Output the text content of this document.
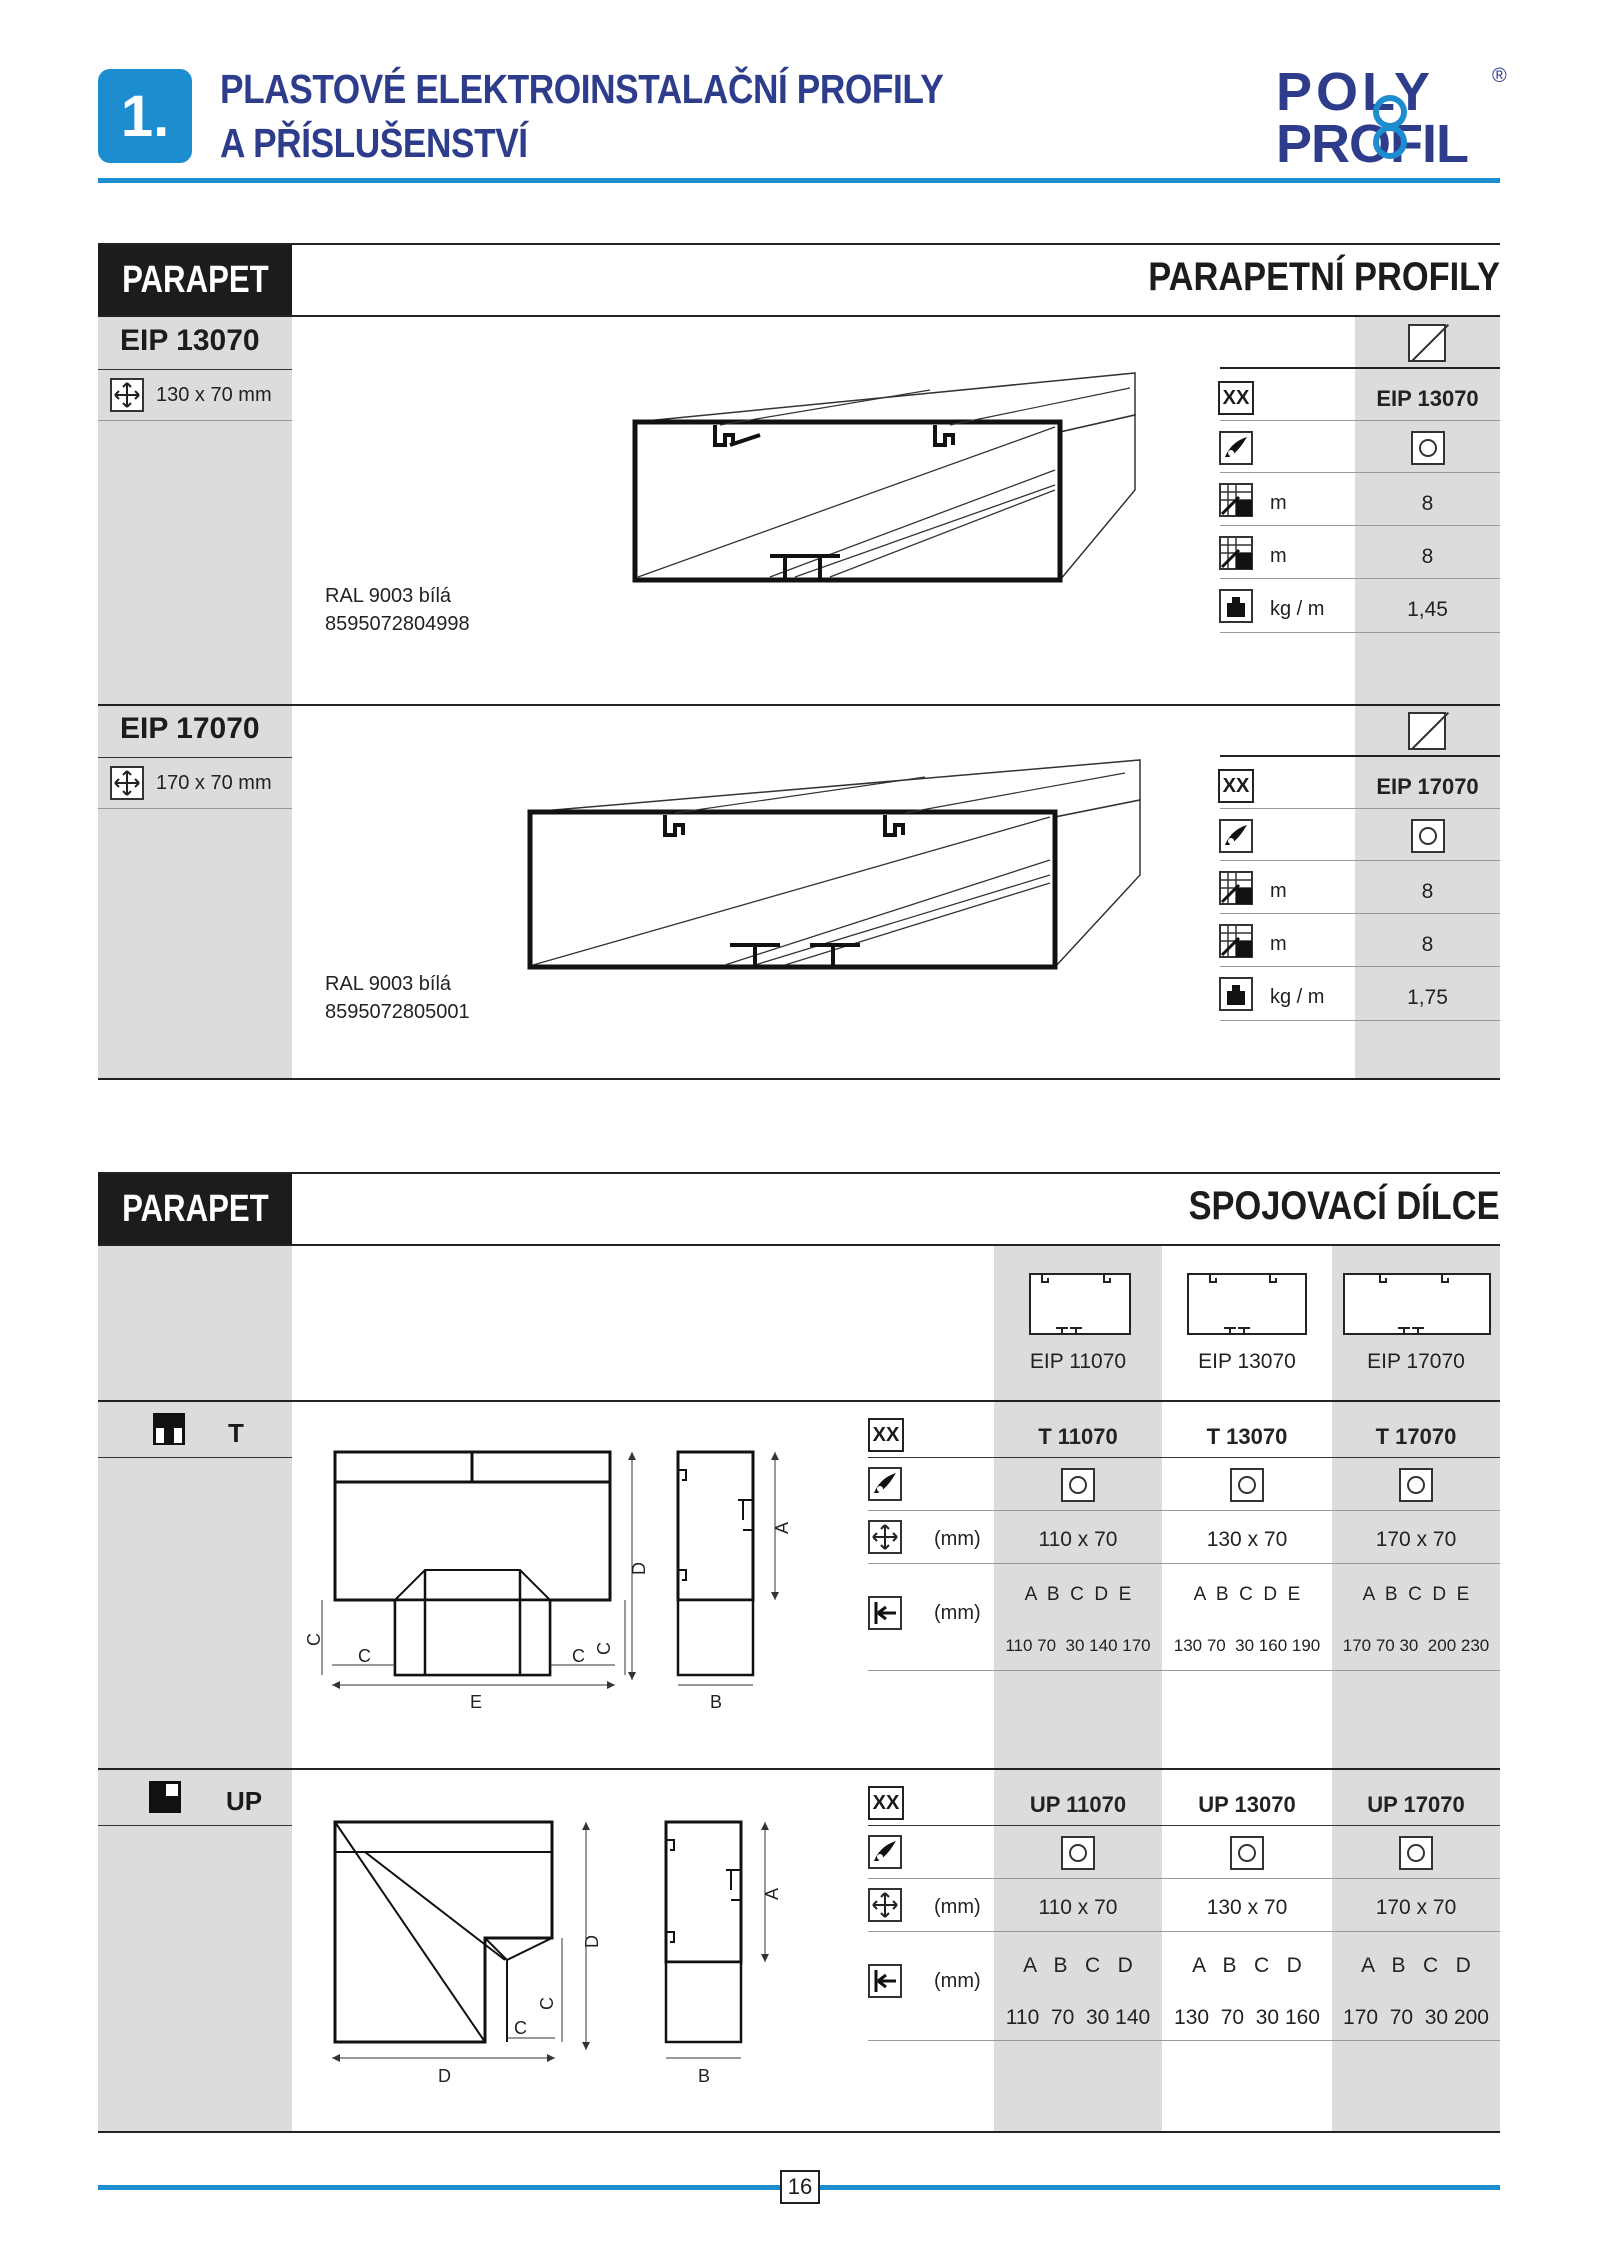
1.	PLASTOVÉ ELEKTROINSTALAČNÍ PROFILY
A PŘÍSLUŠENSTVÍ
POLY
PROFIL
®
PARAPET	PARAPETNÍ PROFILY
EIP 13070
130 x 70 mm
RAL 9003 bílá
8595072804998
XX	EIP 13070
m	8
m	8
kg / m	1,45
EIP 17070
170 x 70 mm
RAL 9003 bílá
8595072805001
XX	EIP 17070
m	8
m	8
kg / m	1,75
PARAPET	SPOJOVACÍ DÍLCE
EIP 11070	EIP 13070	EIP 17070
T
E
C	C
C
C
D
B
A
XX	T 11070	T 13070	T 17070
(mm)	110 x 70	130 x 70	170 x 70
(mm)
A  B  C  D  E	A  B  C  D  E	A  B  C  D  E
110 70  30 140 170	130 70  30 160 190	170 70 30  200 230
UP
D
C
C
D
B
A
XX	UP 11070	UP 13070	UP 17070
(mm)	110 x 70	130 x 70	170 x 70
(mm)
A   B   C   D	A   B   C   D	A   B   C   D
110  70  30 140	130  70  30 160	170  70  30 200
16
